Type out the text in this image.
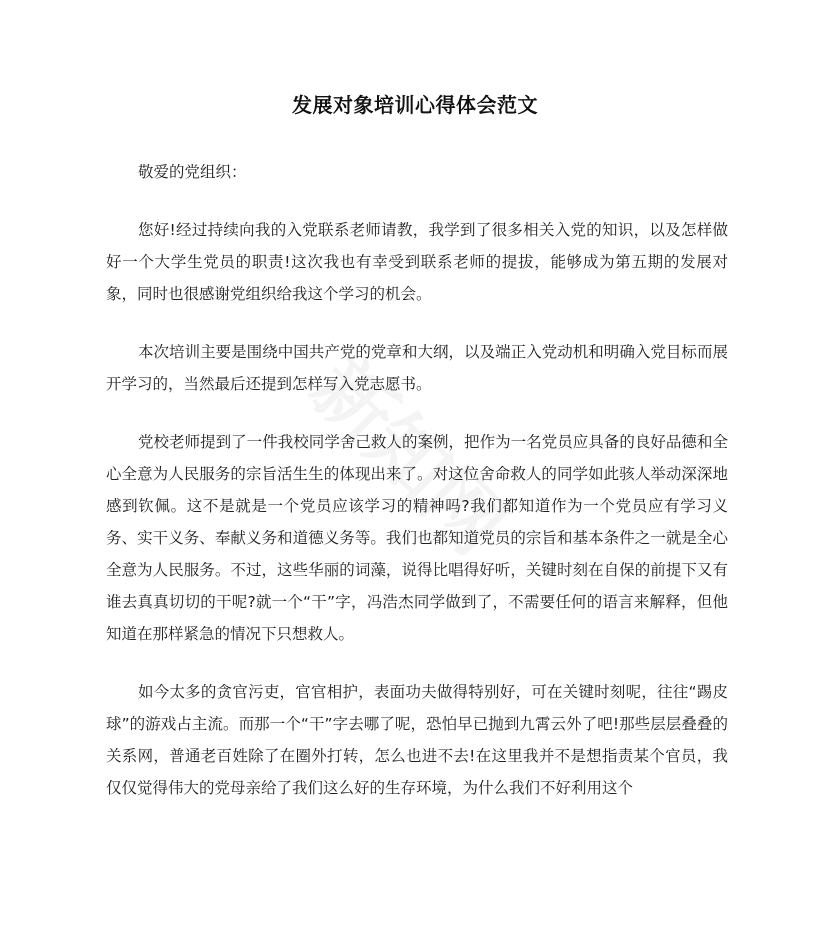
发展对象培训心得体会范文

敬爱的党组织：

您好!经过持续向我的入党联系老师请教，我学到了很多相关入党的知识，以及怎样做好一个大学生党员的职责!这次我也有幸受到联系老师的提拔，能够成为第五期的发展对象，同时也很感谢党组织给我这个学习的机会。

本次培训主要是围绕中国共产党的党章和大纲，以及端正入党动机和明确入党目标而展开学习的，当然最后还提到怎样写入党志愿书。

党校老师提到了一件我校同学舍己救人的案例，把作为一名党员应具备的良好品德和全心全意为人民服务的宗旨活生生的体现出来了。对这位舍命救人的同学如此骇人举动深深地感到钦佩。这不是就是一个党员应该学习的精神吗?我们都知道作为一个党员应有学习义务、实干义务、奉献义务和道德义务等。我们也都知道党员的宗旨和基本条件之一就是全心全意为人民服务。不过，这些华丽的词藻，说得比唱得好听，关键时刻在自保的前提下又有谁去真真切切的干呢?就一个“干”字，冯浩杰同学做到了，不需要任何的语言来解释，但他知道在那样紧急的情况下只想救人。

如今太多的贪官污吏，官官相护，表面功夫做得特别好，可在关键时刻呢，往往“踢皮球”的游戏占主流。而那一个“干”字去哪了呢，恐怕早已抛到九霄云外了吧!那些层层叠叠的关系网，普通老百姓除了在圈外打转，怎么也进不去!在这里我并不是想指责某个官员，我仅仅觉得伟大的党母亲给了我们这么好的生存环境，为什么我们不好利用这个
